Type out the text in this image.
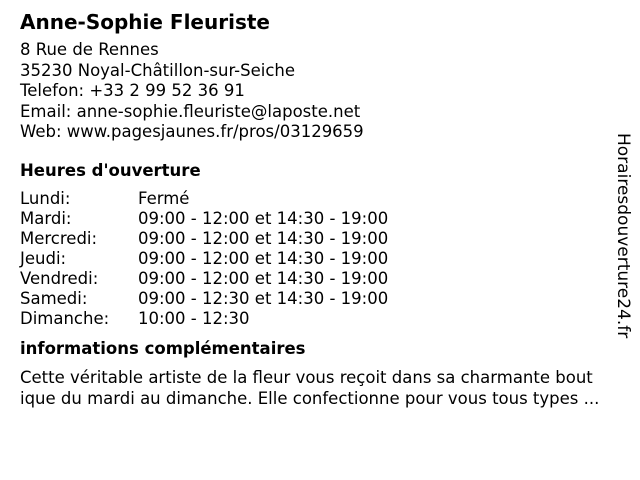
Anne-Sophie Fleuriste
8 Rue de Rennes
35230 Noyal-Châtillon-sur-Seiche
Telefon: +33 2 99 52 36 91
Email: anne-sophie.fleuriste@laposte.net
Web: www.pagesjaunes.fr/pros/03129659
Heures d'ouverture
Lundi:	Fermé
Mardi:	09:00 - 12:00 et 14:30 - 19:00
Mercredi:	09:00 - 12:00 et 14:30 - 19:00
Jeudi:	09:00 - 12:00 et 14:30 - 19:00
Vendredi:	09:00 - 12:00 et 14:30 - 19:00
Samedi:	09:00 - 12:30 et 14:30 - 19:00
Dimanche:	10:00 - 12:30
informations complémentaires
Cette véritable artiste de la fleur vous reçoit dans sa charmante bout
ique du mardi au dimanche. Elle confectionne pour vous tous types ...
Horairesdouverture24.fr
